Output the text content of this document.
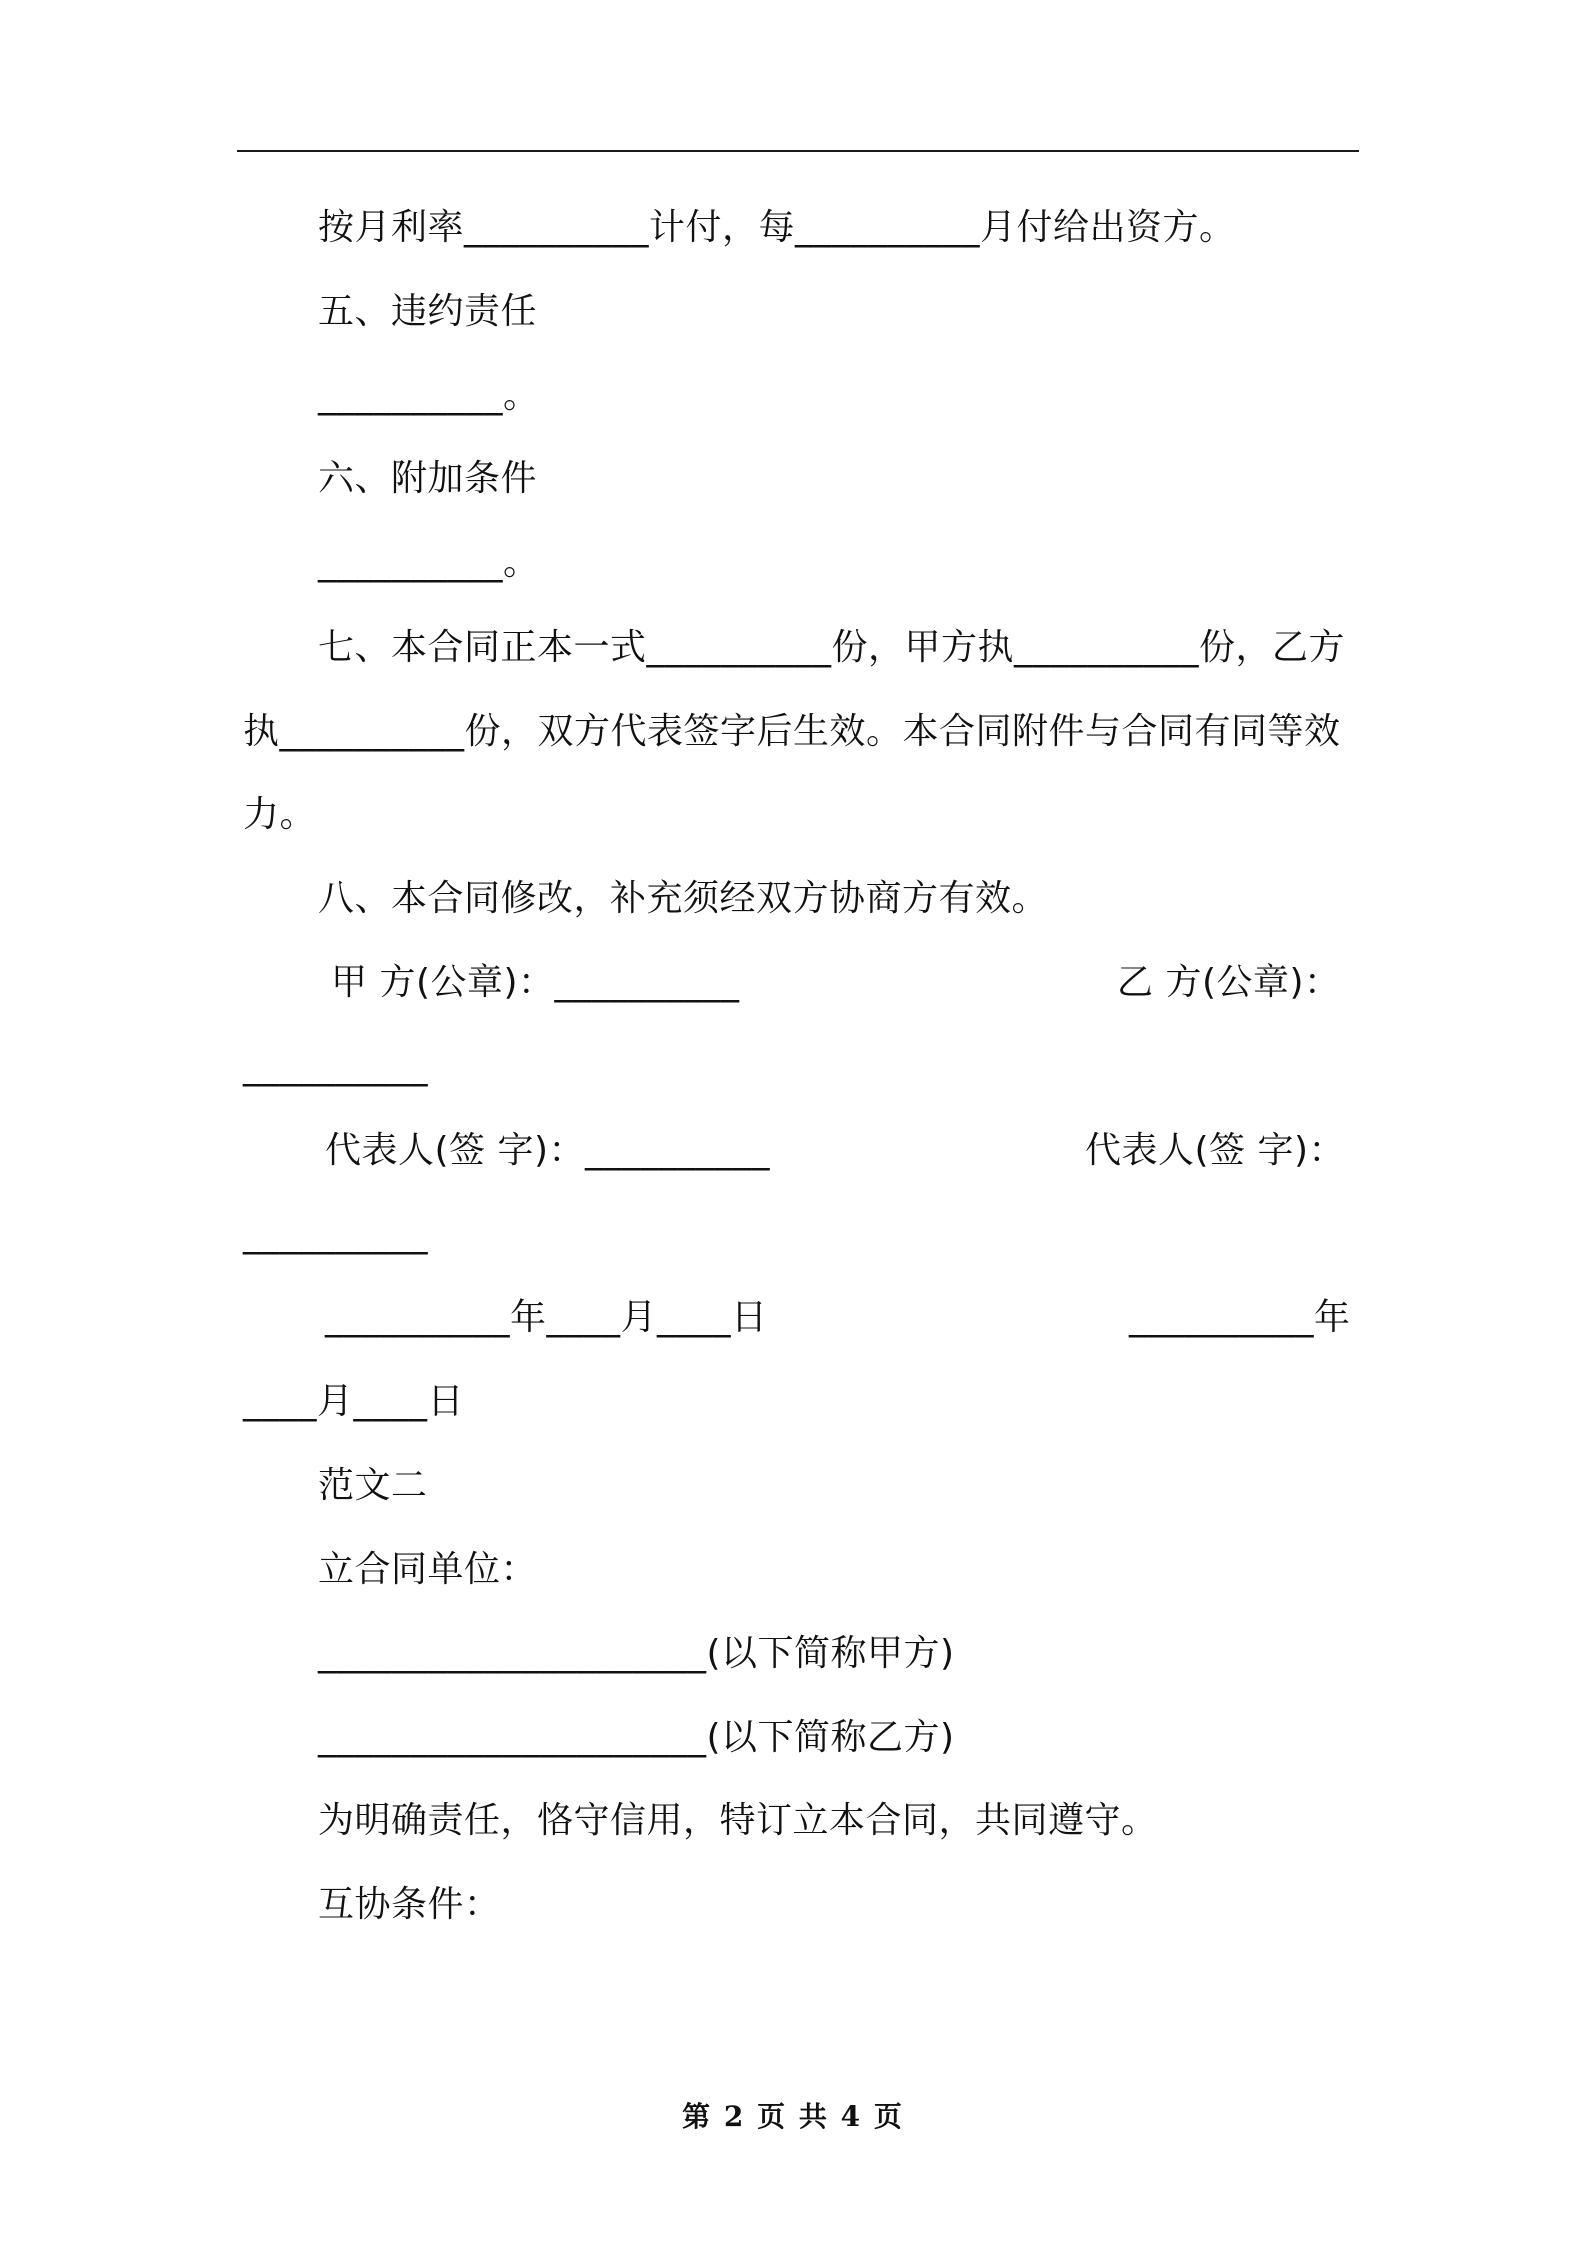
按月利率__________计付，每__________月付给出资方。
五、违约责任
__________。
六、附加条件
__________。
七、本合同正本一式__________份，甲方执__________份，乙方
执__________份，双方代表签字后生效。本合同附件与合同有同等效
力。
八、本合同修改，补充须经双方协商方有效。
甲 方(公章)：__________	乙 方(公章)：
__________
代表人(签 字)：__________	代表人(签 字)：
__________
__________年____月____日	__________年
____月____日
范文二
立合同单位：
_____________________(以下简称甲方)
_____________________(以下简称乙方)
为明确责任，恪守信用，特订立本合同，共同遵守。
互协条件：
第 2 页 共 4 页
